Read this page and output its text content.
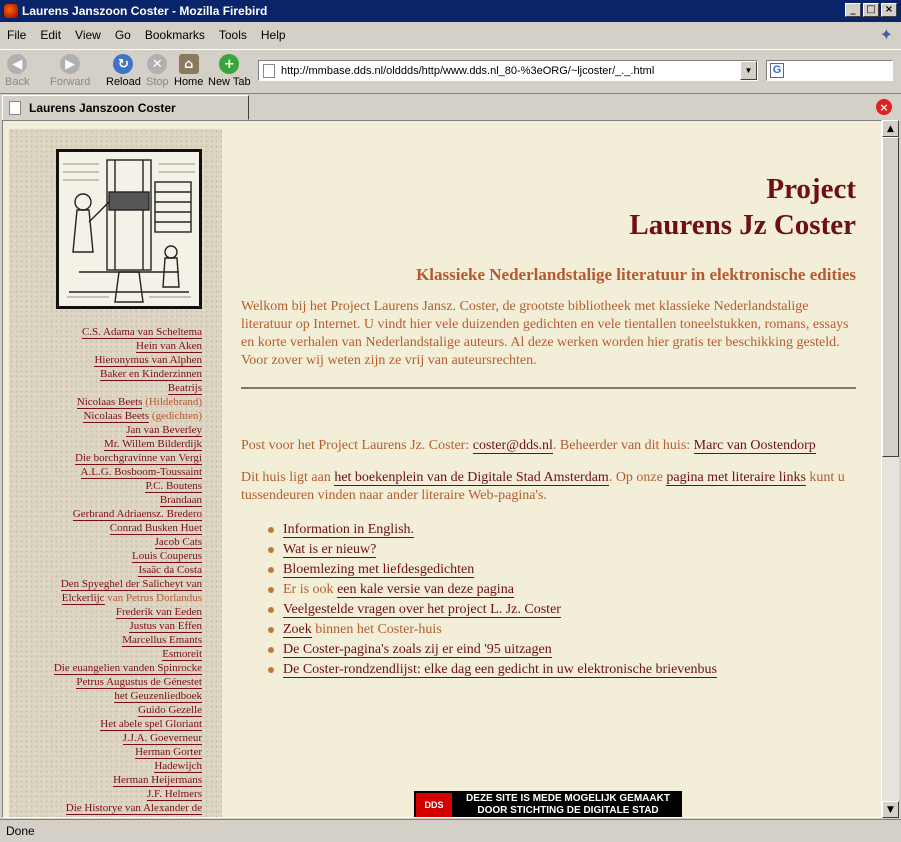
Laurens Janszoon Coster - Mozilla Firebird	_	□ ×
File	Edit	View	Go	Bookmarks	Tools	Help	✦
◀
Back
▶
Forward
↻
Reload
✕
Stop
⌂
Home
+
New Tab
http://mmbase.dds.nl/olddds/http/www.dds.nl_80-%3eORG/~ljcoster/_._.html	▼	G
Laurens Janszoon Coster	×
C.S. Adama van Scheltema
Hein van Aken
Hieronymus van Alphen
Baker en Kinderzinnen
Beatrijs
Nicolaas Beets (Hildebrand)
Nicolaas Beets (gedichten)
Jan van Beverley
Mr. Willem Bilderdijk
Die borchgravinne van Vergi
A.L.G. Bosboom-Toussaint
P.C. Boutens
Brandaan
Gerbrand Adriaensz. Bredero
Conrad Busken Huet
Jacob Cats
Louis Couperus
Isaäc da Costa
Den Spyeghel der Salicheyt van
Elckerlijc van Petrus Dorlandus
Frederik van Eeden
Justus van Effen
Marcellus Emants
Esmoreit
Die euangelien vanden Spinrocke
Petrus Augustus de Génestet
het Geuzenliedboek
Guido Gezelle
Het abele spel Gloriant
J.J.A. Goeverneur
Herman Gorter
Hadewijch
Herman Heijermans
J.F. Helmers
Die Historye van Alexander de
Project
Laurens Jz Coster
Klassieke Nederlandstalige literatuur in elektronische edities

Welkom bij het Project Laurens Jansz. Coster, de grootste bibliotheek met klassieke Nederlandstalige literatuur op Internet. U vindt hier vele duizenden gedichten en vele tientallen toneelstukken, romans, essays en korte verhalen van Nederlandstalige auteurs. Al deze werken worden hier gratis ter beschikking gesteld. Voor zover wij weten zijn ze vrij van auteursrechten.

Post voor het Project Laurens Jz. Coster: coster@dds.nl. Beheerder van dit huis: Marc van Oostendorp

Dit huis ligt aan het boekenplein van de Digitale Stad Amsterdam. Op onze pagina met literaire links kunt u tussendeuren vinden naar ander literaire Web-pagina's.

Information in English.
Wat is er nieuw?
Bloemlezing met liefdesgedichten
Er is ook een kale versie van deze pagina
Veelgestelde vragen over het project L. Jz. Coster
Zoek binnen het Coster-huis
De Coster-pagina's zoals zij er eind '95 uitzagen
De Coster-rondzendlijst: elke dag een gedicht in uw elektronische brievenbus
DDS
DEZE SITE IS MEDE MOGELIJK GEMAAKT
DOOR STICHTING DE DIGITALE STAD
▲
▼
Done
